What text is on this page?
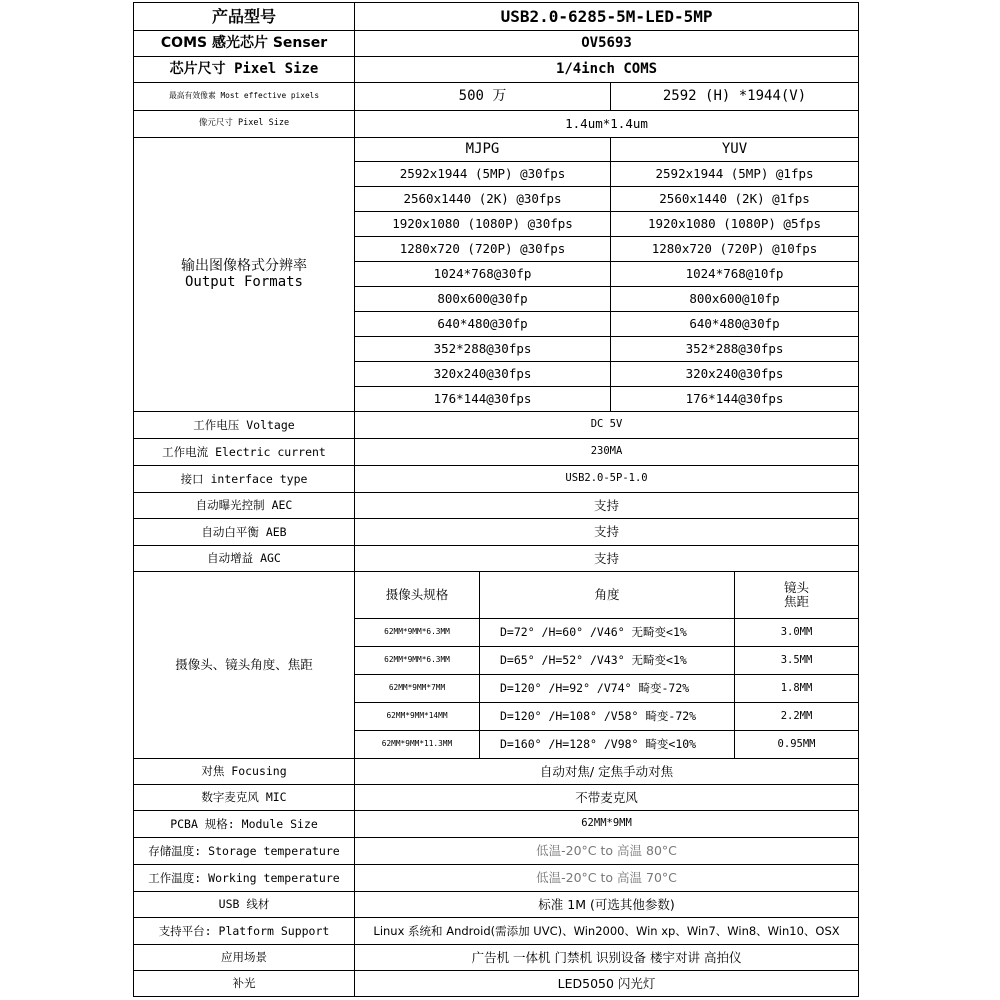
产品型号	USB2.0-6285-5M-LED-5MP			
COMS 感光芯片 Senser	OV5693			
芯片尺寸 Pixel Size	1/4inch COMS			
最高有效像素 Most effective pixels	500 万		2592 (H) *1944(V)	
像元尺寸 Pixel Size	1.4um*1.4um			

输出图像格式分辨率
Output Formats	MJPG		YUV	
	2592x1944 (5MP) @30fps		2592x1944 (5MP) @1fps	
	2560x1440 (2K) @30fps		2560x1440 (2K) @1fps	
	1920x1080 (1080P) @30fps		1920x1080 (1080P) @5fps	
	1280x720 (720P) @30fps		1280x720 (720P) @10fps	
	1024*768@30fp		1024*768@10fp	
	800x600@30fp		800x600@10fp	
	640*480@30fp		640*480@30fp	
	352*288@30fps		352*288@30fps	
	320x240@30fps		320x240@30fps	
	176*144@30fps		176*144@30fps	
工作电压 Voltage	DC 5V			
工作电流 Electric current	230MA			
接口 interface type	USB2.0-5P-1.0			
自动曝光控制 AEC	支持			
自动白平衡 AEB	支持			
自动增益 AGC	支持			
摄像头、镜头角度、焦距	摄像头规格	角度		镜头
焦距

	62MM*9MM*6.3MM	D=72° /H=60° /V46° 无畸变<1%		3.0MM
	62MM*9MM*6.3MM	D=65° /H=52° /V43° 无畸变<1%		3.5MM
	62MM*9MM*7MM	D=120° /H=92° /V74° 畸变-72%		1.8MM
	62MM*9MM*14MM	D=120° /H=108° /V58° 畸变-72%		2.2MM
	62MM*9MM*11.3MM	D=160° /H=128° /V98° 畸变<10%		0.95MM
对焦 Focusing	自动对焦/ 定焦手动对焦			
数字麦克风 MIC	不带麦克风			
PCBA 规格: Module Size	62MM*9MM			
存储温度: Storage temperature	低温-20°C to 高温 80°C			
工作温度: Working temperature	低温-20°C to 高温 70°C			
USB 线材	标准 1M (可选其他参数)			
支持平台: Platform Support	Linux 系统和 Android(需添加 UVC)、Win2000、Win xp、Win7、Win8、Win10、OSX			
应用场景	广告机 一体机 门禁机 识别设备 楼宇对讲 高拍仪			
补光	LED5050 闪光灯			
